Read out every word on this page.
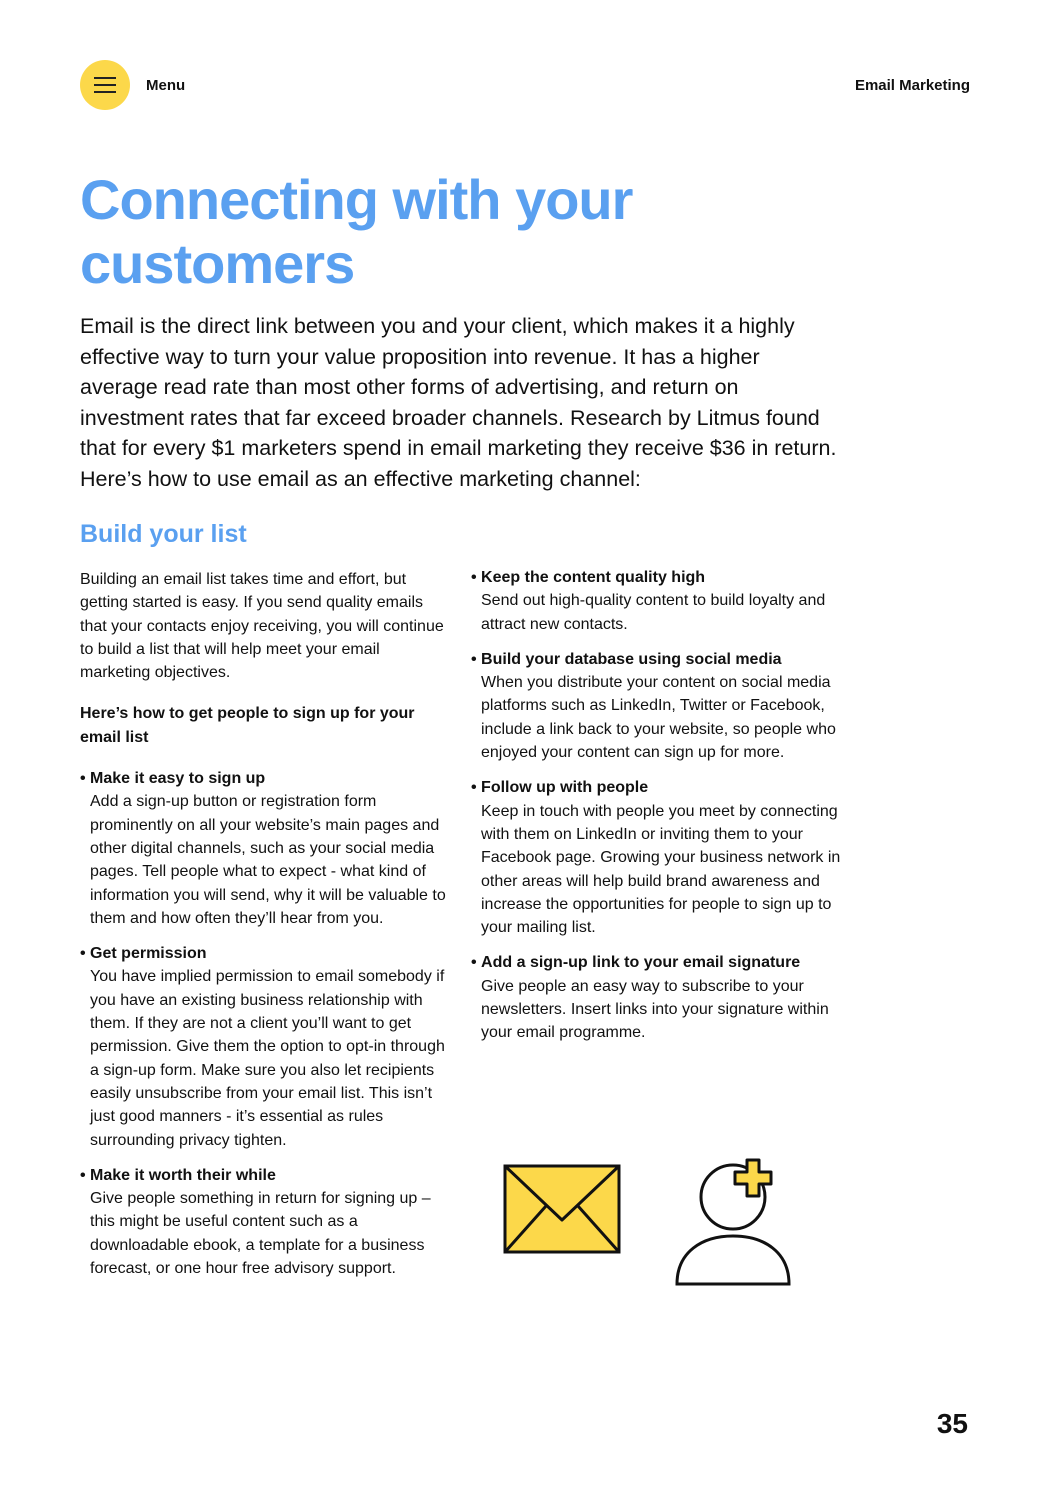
Menu	Email Marketing
Connecting with your
customers

Email is the direct link between you and your client, which makes it a highly effective way to turn your value proposition into revenue. It has a higher average read rate than most other forms of advertising, and return on investment rates that far exceed broader channels. Research by Litmus found that for every $1 marketers spend in email marketing they receive $36 in return. Here’s how to use email as an effective marketing channel:

Build your list

Building an email list takes time and effort, but getting started is easy. If you send quality emails that your contacts enjoy receiving, you will continue to build a list that will help meet your email marketing objectives.

Here’s how to get people to sign up for your email list

• Make it easy to sign up
Add a sign-up button or registration form prominently on all your website’s main pages and other digital channels, such as your social media pages. Tell people what to expect - what kind of information you will send, why it will be valuable to them and how often they’ll hear from you.
• Get permission
You have implied permission to email somebody if you have an existing business relationship with them. If they are not a client you’ll want to get permission. Give them the option to opt-in through a sign-up form. Make sure you also let recipients easily unsubscribe from your email list. This isn’t just good manners - it’s essential as rules surrounding privacy tighten.
• Make it worth their while
Give people something in return for signing up – this might be useful content such as a downloadable ebook, a template for a business forecast, or one hour free advisory support.
• Keep the content quality high
Send out high-quality content to build loyalty and attract new contacts.
• Build your database using social media
When you distribute your content on social media platforms such as LinkedIn, Twitter or Facebook, include a link back to your website, so people who enjoyed your content can sign up for more.
• Follow up with people
Keep in touch with people you meet by connecting with them on LinkedIn or inviting them to your Facebook page. Growing your business network in other areas will help build brand awareness and increase the opportunities for people to sign up to your mailing list.
• Add a sign-up link to your email signature
Give people an easy way to subscribe to your newsletters. Insert links into your signature within your email programme.
35
